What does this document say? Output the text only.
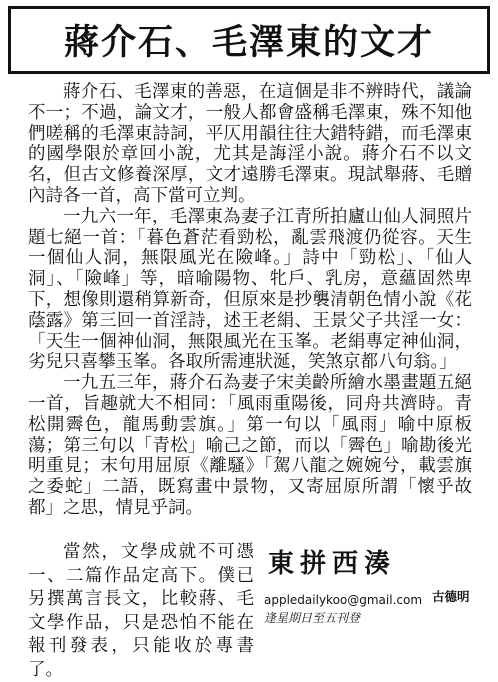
蔣介石、毛澤東的文才

蔣介石、毛澤東的善惡，在這個是非不辨時代，議論不一；不過，論文才，一般人都會盛稱毛澤東，殊不知他們嗟稱的毛澤東詩詞，平仄用韻往往大錯特錯，而毛澤東的國學限於章回小說，尤其是誨淫小說。蔣介石不以文名，但古文修養深厚，文才遠勝毛澤東。現試舉蔣、毛贈內詩各一首，高下當可立判。

一九六一年，毛澤東為妻子江青所拍廬山仙人洞照片題七絕一首：「暮色蒼茫看勁松，亂雲飛渡仍從容。天生一個仙人洞，無限風光在險峰。」詩中「勁松」、「仙人洞」、「險峰」等，暗喻陽物、牝戶、乳房，意蘊固然卑下，想像則還稍算新奇，但原來是抄襲清朝色情小說《花蔭露》第三回一首淫詩，述王老絹、王景父子共淫一女：「天生一個神仙洞，無限風光在玉峯。老絹專定神仙洞，劣兒只喜攀玉峯。各取所需連狀涎，笑煞京都八句翁。」

一九五三年，蔣介石為妻子宋美齡所繪水墨畫題五絕一首，旨趣就大不相同：「風雨重陽後，同舟共濟時。青松開霽色，龍馬動雲旗。」第一句以「風雨」喻中原板蕩；第三句以「青松」喻己之節，而以「霽色」喻勘後光明重見；末句用屈原《離騷》「駕八龍之婉婉兮，載雲旗之委蛇」二語，既寫畫中景物，又寄屈原所謂「懷乎故都」之思，情見乎詞。

當然，文學成就不可憑一、二篇作品定高下。僕已另撰萬言長文，比較蔣、毛文學作品，只是恐怕不能在報刊發表，只能收於專書了。
東拼西湊
appledailykoo@gmail.com 古德明
逢星期日至五刊登
